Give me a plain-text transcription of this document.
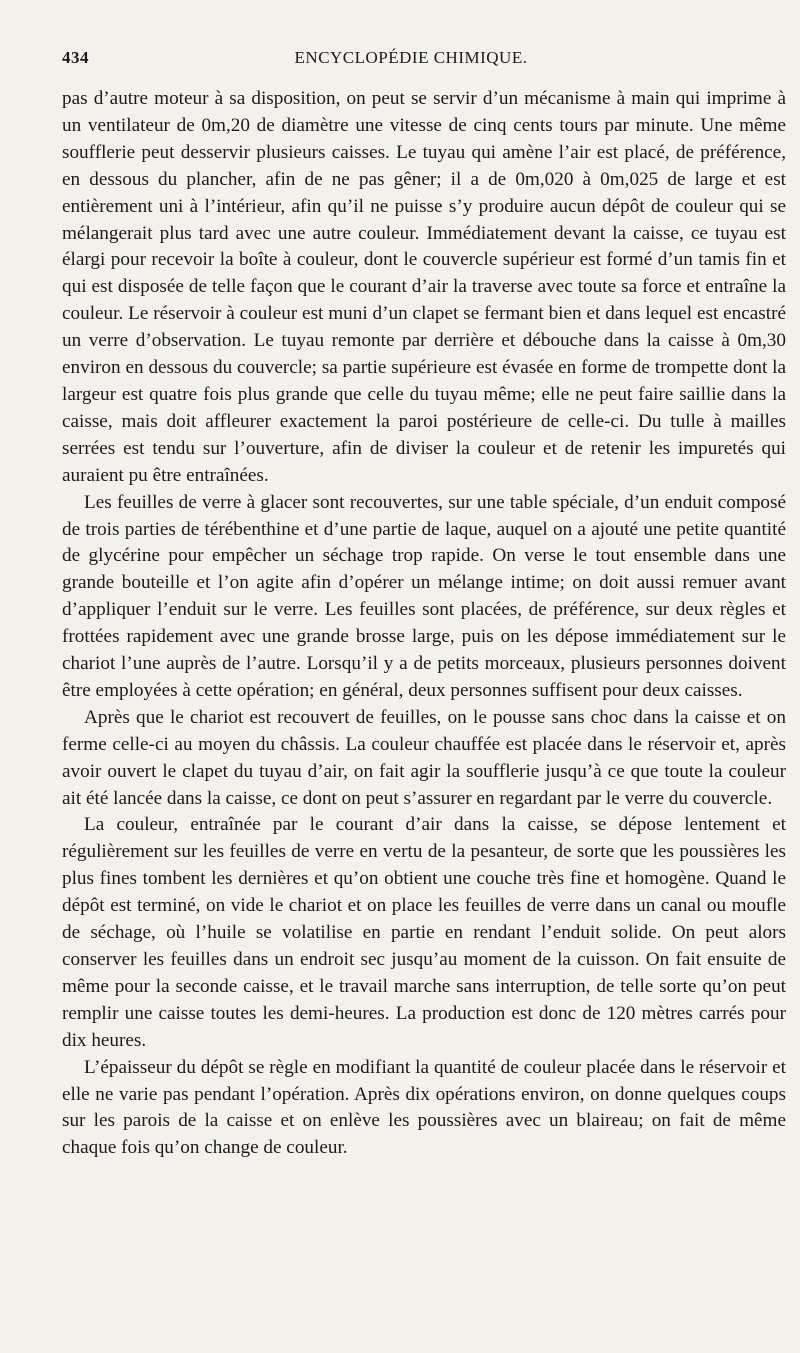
434	ENCYCLOPÉDIE CHIMIQUE.

pas d’autre moteur à sa disposition, on peut se servir d’un mécanisme à main qui imprime à un ventilateur de 0m,20 de diamètre une vitesse de cinq cents tours par minute. Une même soufflerie peut desservir plusieurs caisses. Le tuyau qui amène l’air est placé, de préférence, en dessous du plancher, afin de ne pas gêner; il a de 0m,020 à 0m,025 de large et est entièrement uni à l’intérieur, afin qu’il ne puisse s’y produire aucun dépôt de couleur qui se mélangerait plus tard avec une autre couleur. Immédiatement devant la caisse, ce tuyau est élargi pour recevoir la boîte à couleur, dont le couvercle supérieur est formé d’un tamis fin et qui est disposée de telle façon que le courant d’air la traverse avec toute sa force et entraîne la couleur. Le réservoir à couleur est muni d’un clapet se fermant bien et dans lequel est encastré un verre d’observation. Le tuyau remonte par derrière et débouche dans la caisse à 0m,30 environ en dessous du couvercle; sa partie supérieure est évasée en forme de trompette dont la largeur est quatre fois plus grande que celle du tuyau même; elle ne peut faire saillie dans la caisse, mais doit affleurer exactement la paroi postérieure de celle-ci. Du tulle à mailles serrées est tendu sur l’ouverture, afin de diviser la couleur et de retenir les impuretés qui auraient pu être entraînées.

Les feuilles de verre à glacer sont recouvertes, sur une table spéciale, d’un enduit composé de trois parties de térébenthine et d’une partie de laque, auquel on a ajouté une petite quantité de glycérine pour empêcher un séchage trop rapide. On verse le tout ensemble dans une grande bouteille et l’on agite afin d’opérer un mélange intime; on doit aussi remuer avant d’appliquer l’enduit sur le verre. Les feuilles sont placées, de préférence, sur deux règles et frottées rapidement avec une grande brosse large, puis on les dépose immédiatement sur le chariot l’une auprès de l’autre. Lorsqu’il y a de petits morceaux, plusieurs personnes doivent être employées à cette opération; en général, deux personnes suffisent pour deux caisses.

Après que le chariot est recouvert de feuilles, on le pousse sans choc dans la caisse et on ferme celle-ci au moyen du châssis. La couleur chauffée est placée dans le réservoir et, après avoir ouvert le clapet du tuyau d’air, on fait agir la soufflerie jusqu’à ce que toute la couleur ait été lancée dans la caisse, ce dont on peut s’assurer en regardant par le verre du couvercle.

La couleur, entraînée par le courant d’air dans la caisse, se dépose lentement et régulièrement sur les feuilles de verre en vertu de la pesanteur, de sorte que les poussières les plus fines tombent les dernières et qu’on obtient une couche très fine et homogène. Quand le dépôt est terminé, on vide le chariot et on place les feuilles de verre dans un canal ou moufle de séchage, où l’huile se volatilise en partie en rendant l’enduit solide. On peut alors conserver les feuilles dans un endroit sec jusqu’au moment de la cuisson. On fait ensuite de même pour la seconde caisse, et le travail marche sans interruption, de telle sorte qu’on peut remplir une caisse toutes les demi-heures. La production est donc de 120 mètres carrés pour dix heures.

L’épaisseur du dépôt se règle en modifiant la quantité de couleur placée dans le réservoir et elle ne varie pas pendant l’opération. Après dix opérations environ, on donne quelques coups sur les parois de la caisse et on enlève les poussières avec un blaireau; on fait de même chaque fois qu’on change de couleur.
